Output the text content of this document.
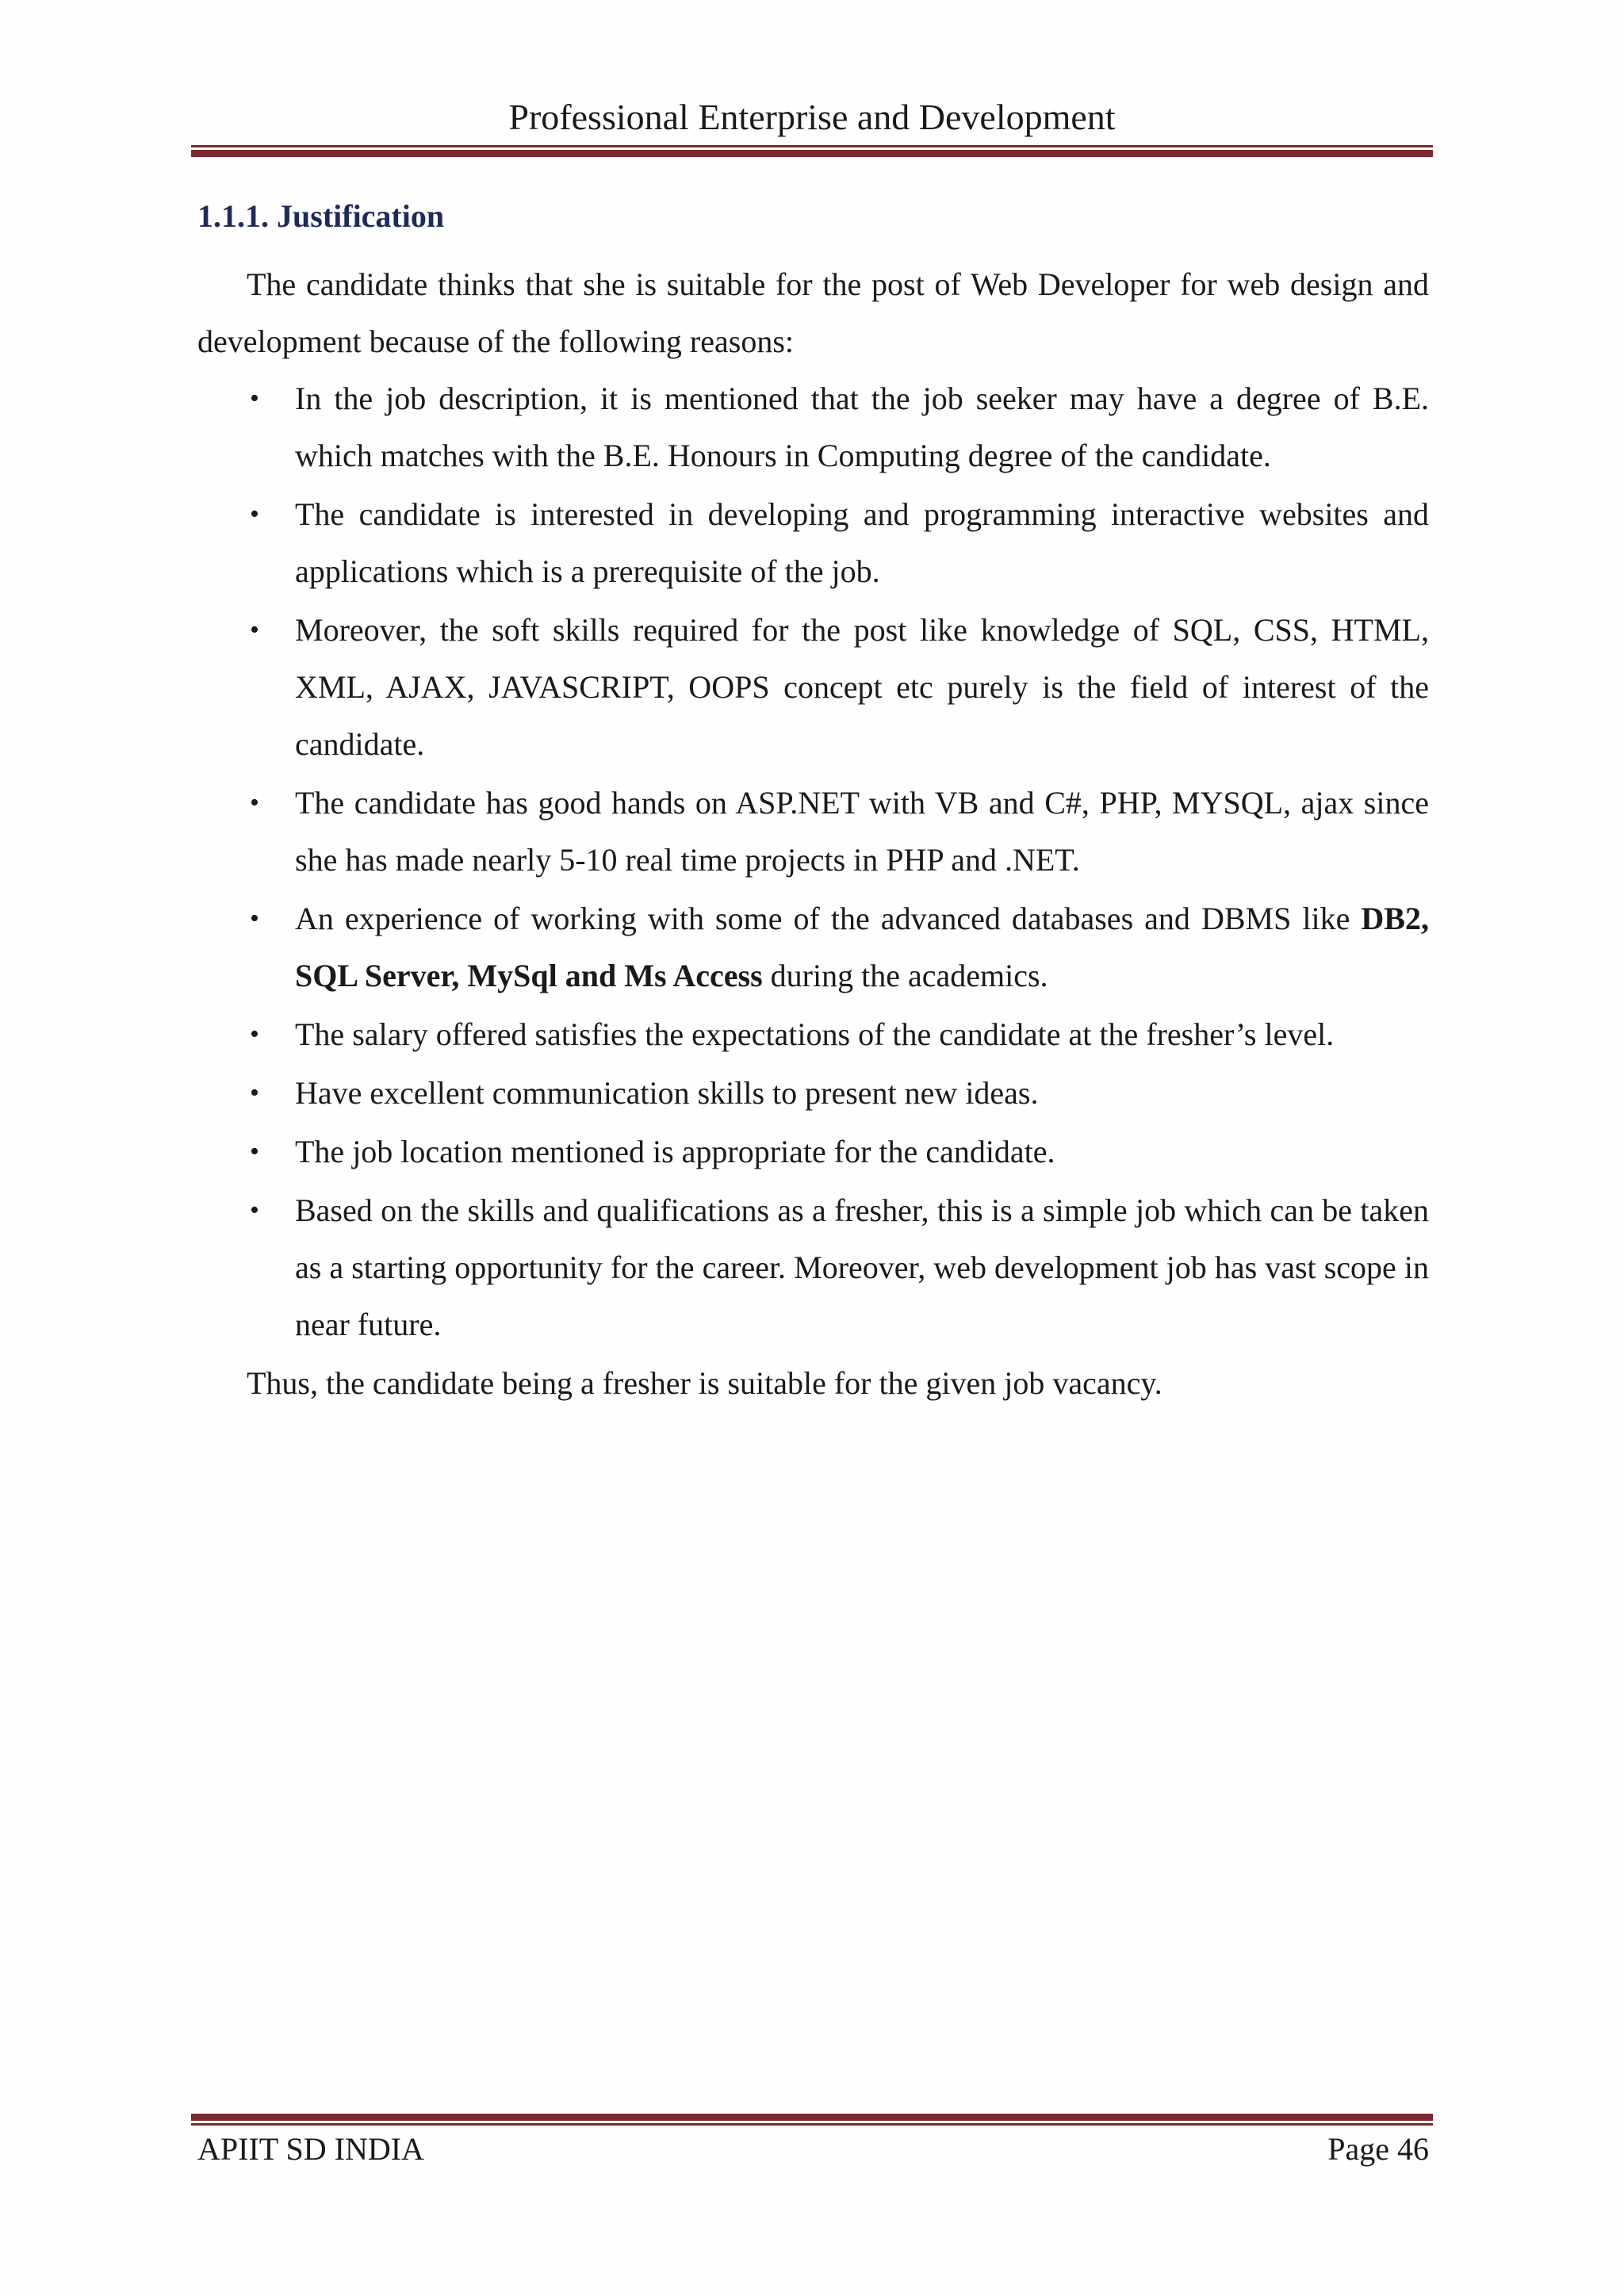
Professional Enterprise and Development
1.1.1. Justification

The candidate thinks that she is suitable for the post of Web Developer for web design and development because of the following reasons:

• In the job description, it is mentioned that the job seeker may have a degree of B.E. which matches with the B.E. Honours in Computing degree of the candidate.
• The candidate is interested in developing and programming interactive websites and applications which is a prerequisite of the job.
• Moreover, the soft skills required for the post like knowledge of SQL, CSS, HTML, XML, AJAX, JAVASCRIPT, OOPS concept etc purely is the field of interest of the candidate.
• The candidate has good hands on ASP.NET with VB and C#, PHP, MYSQL, ajax since she has made nearly 5-10 real time projects in PHP and .NET.
• An experience of working with some of the advanced databases and DBMS like DB2, SQL Server, MySql and Ms Access during the academics.
• The salary offered satisfies the expectations of the candidate at the fresher’s level.
• Have excellent communication skills to present new ideas.
• The job location mentioned is appropriate for the candidate.
• Based on the skills and qualifications as a fresher, this is a simple job which can be taken as a starting opportunity for the career. Moreover, web development job has vast scope in near future.

Thus, the candidate being a fresher is suitable for the given job vacancy.

APIIT SD INDIA	Page 46
